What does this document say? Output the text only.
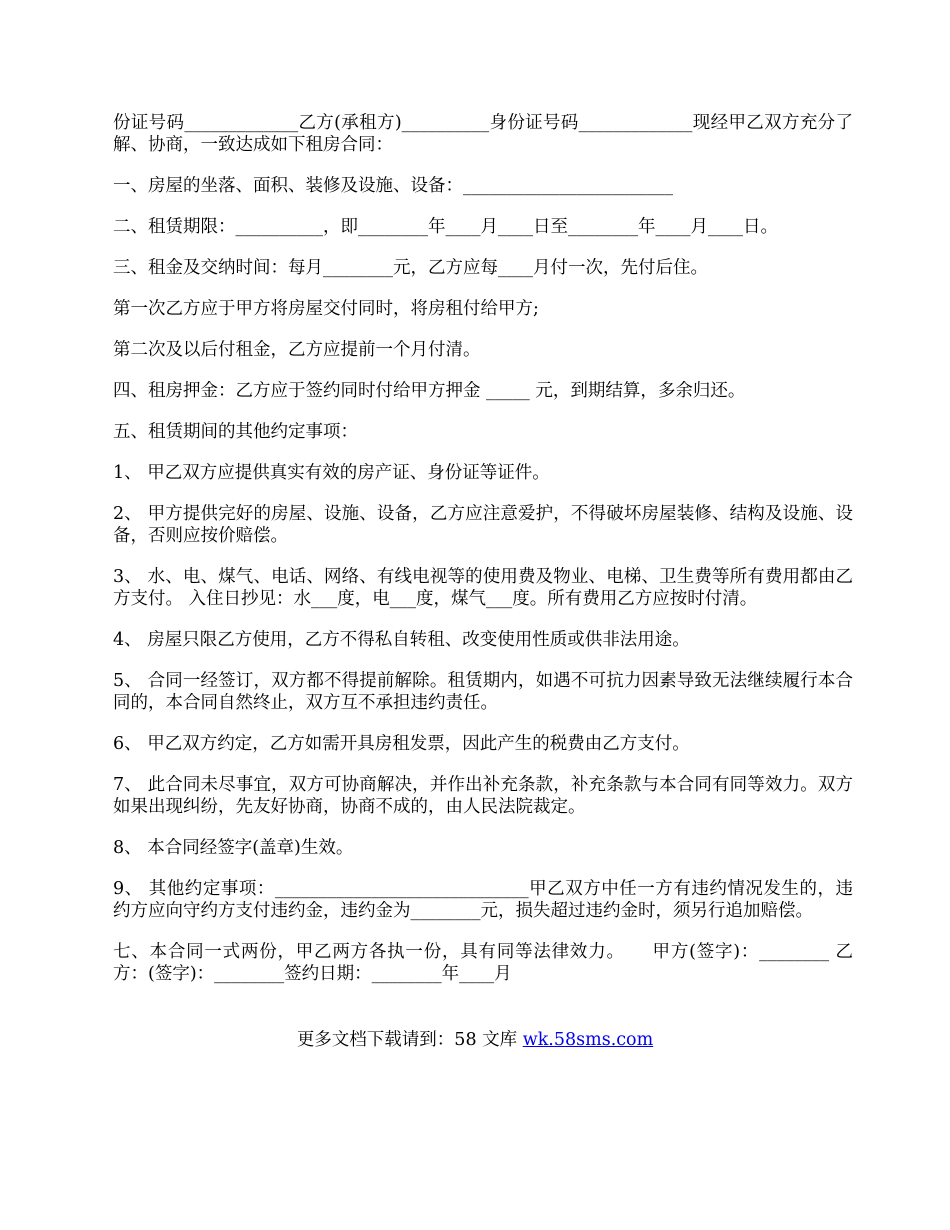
份证号码_____________乙方(承租方)__________身份证号码_____________现经甲乙双方充分了解、协商，一致达成如下租房合同：

一、房屋的坐落、面积、装修及设施、设备：________________________

二、租赁期限：__________，即________年____月____日至________年____月____日。

三、租金及交纳时间：每月________元，乙方应每____月付一次，先付后住。

第一次乙方应于甲方将房屋交付同时，将房租付给甲方;

第二次及以后付租金，乙方应提前一个月付清。

四、租房押金：乙方应于签约同时付给甲方押金 _____ 元，到期结算，多余归还。

五、租赁期间的其他约定事项：

1、 甲乙双方应提供真实有效的房产证、身份证等证件。

2、 甲方提供完好的房屋、设施、设备，乙方应注意爱护，不得破坏房屋装修、结构及设施、设备，否则应按价赔偿。

3、 水、电、煤气、电话、网络、有线电视等的使用费及物业、电梯、卫生费等所有费用都由乙方支付。 入住日抄见：水___度，电___度，煤气___度。所有费用乙方应按时付清。

4、 房屋只限乙方使用，乙方不得私自转租、改变使用性质或供非法用途。

5、 合同一经签订，双方都不得提前解除。租赁期内，如遇不可抗力因素导致无法继续履行本合同的，本合同自然终止，双方互不承担违约责任。

6、 甲乙双方约定，乙方如需开具房租发票，因此产生的税费由乙方支付。

7、 此合同未尽事宜，双方可协商解决，并作出补充条款，补充条款与本合同有同等效力。双方如果出现纠纷，先友好协商，协商不成的，由人民法院裁定。

8、 本合同经签字(盖章)生效。

9、 其他约定事项：_____________________________甲乙双方中任一方有违约情况发生的，违约方应向守约方支付违约金，违约金为________元，损失超过违约金时，须另行追加赔偿。

七、本合同一式两份，甲乙两方各执一份，具有同等法律效力。　　甲方(签字)：________ 乙方：(签字)：________签约日期：________年____月

更多文档下载请到：58 文库 wk.58sms.com
